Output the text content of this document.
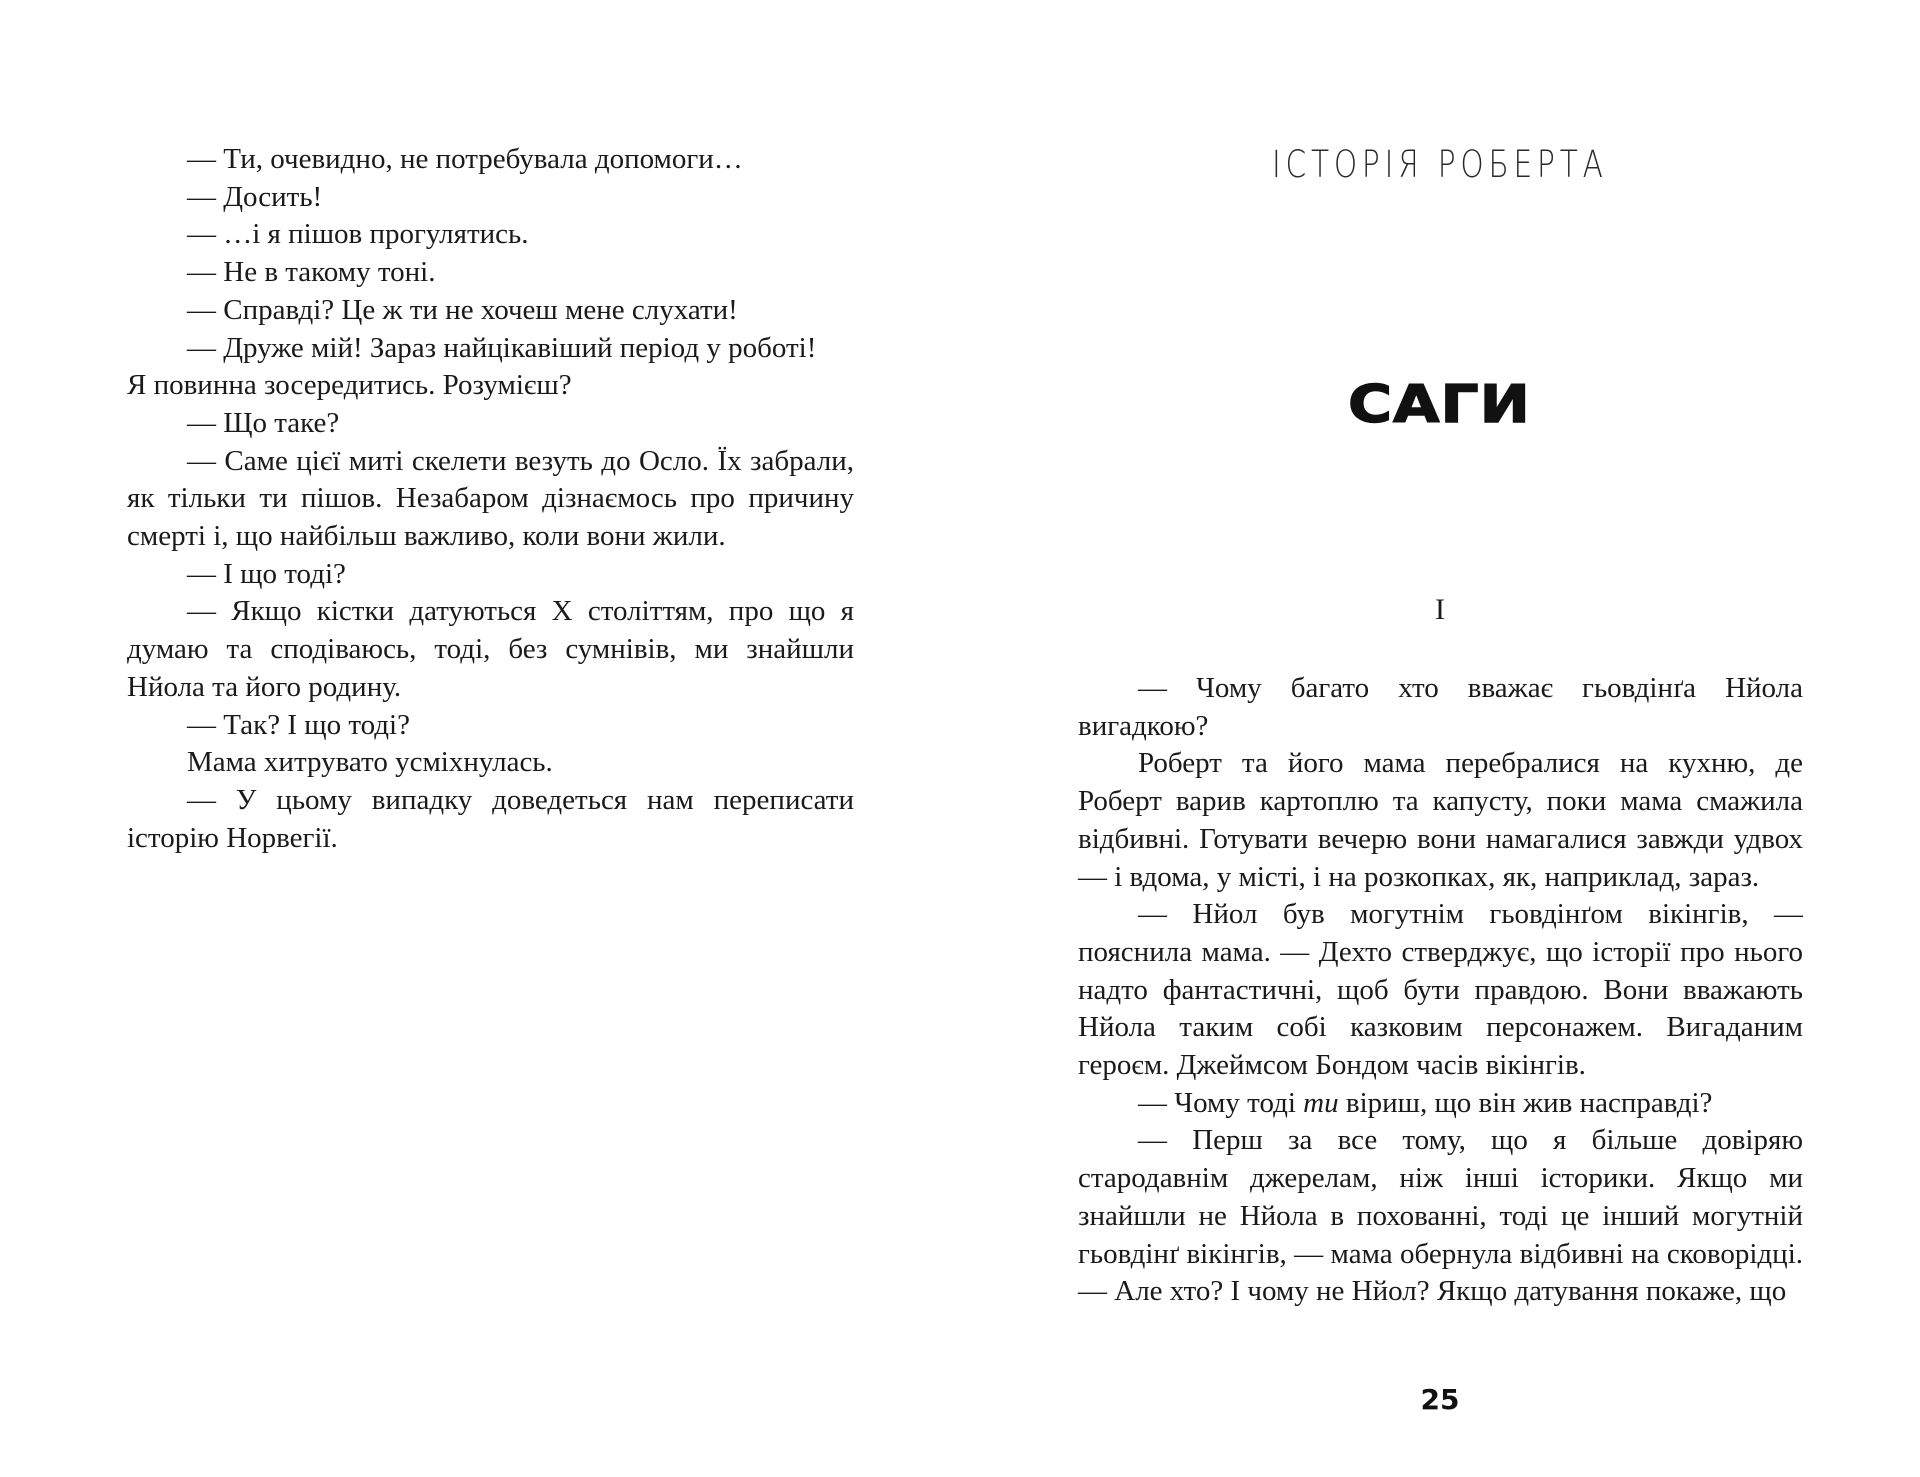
— Ти, очевидно, не потребувала допомоги…

— Досить!

— …і я пішов прогулятись.

— Не в такому тоні.

— Справді? Це ж ти не хочеш мене слухати!

— Друже мій! Зараз найцікавіший період у роботі!

Я повинна зосередитись. Розумієш?

— Що таке?

— Саме цієї миті скелети везуть до Осло. Їх забрали, як тільки ти пішов. Незабаром дізнаємось про причину смерті і, що найбільш важливо, коли вони жили.

— І що тоді?

— Якщо кістки датуються Х століттям, про що я думаю та сподіваюсь, тоді, без сумнівів, ми знайшли Нйола та його родину.

— Так? І що тоді?

Мама хитрувато усміхнулась.

— У цьому випадку доведеться нам переписати історію Норвегії.

ІСТОРІЯ РОБЕРТА
САГИ
І

— Чому багато хто вважає гьовдінґа Нйола вигадкою?

Роберт та його мама перебралися на кухню, де Роберт варив картоплю та капусту, поки мама смажила відбивні. Готувати вечерю вони намагалися завжди удвох — і вдома, у місті, і на розкопках, як, наприклад, зараз.

— Нйол був могутнім гьовдінґом вікінгів, — пояснила мама. — Дехто стверджує, що історії про нього надто фантастичні, щоб бути правдою. Вони вважають Нйола таким собі казковим персонажем. Вигаданим героєм. Джеймсом Бондом часів вікінгів.

— Чому тоді ти віриш, що він жив насправді?

— Перш за все тому, що я більше довіряю стародавнім джерелам, ніж інші історики. Якщо ми знайшли не Нйола в похованні, тоді це інший могутній гьовдінґ вікінгів, — мама обернула відбивні на сковорідці. — Але хто? І чому не Нйол? Якщо датування покаже, що

25
